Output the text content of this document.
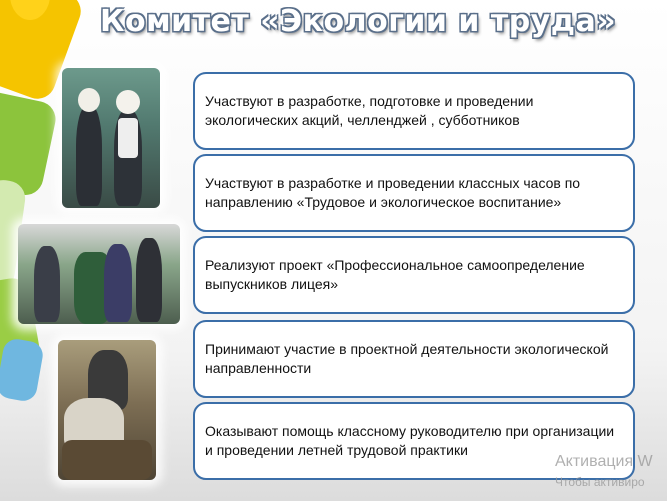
Комитет «Экологии и труда»
Участвуют в разработке, подготовке и проведении экологических акций, челленджей , субботников
Участвуют в разработке и проведении классных часов по направлению «Трудовое и экологическое воспитание»
Реализуют проект «Профессиональное самоопределение выпускников лицея»
Принимают участие в проектной деятельности экологической направленности
Оказывают помощь классному руководителю при организации и проведении летней трудовой практики
Активация W
Чтобы активиро
